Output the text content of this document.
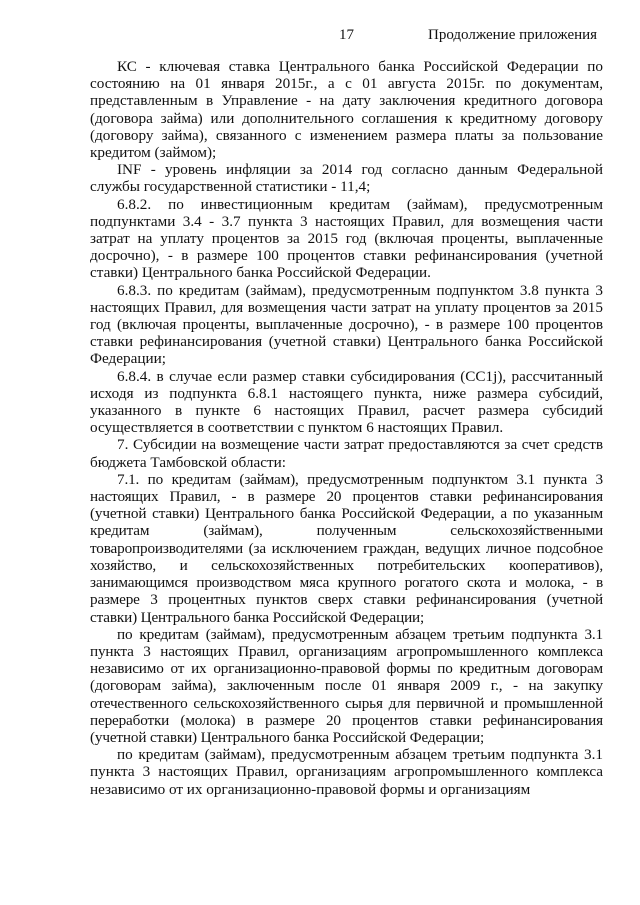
17	Продолжение приложения

КС - ключевая ставка Центрального банка Российской Федерации по состоянию на 01 января 2015г., а с 01 августа 2015г. по документам, представленным в Управление - на дату заключения кредитного договора (договора займа) или дополнительного соглашения к кредитному договору (договору займа), связанного с изменением размера платы за пользование кредитом (займом);

INF - уровень инфляции за 2014 год согласно данным Федеральной службы государственной статистики - 11,4;

6.8.2. по инвестиционным кредитам (займам), предусмотренным подпунктами 3.4 - 3.7 пункта 3 настоящих Правил, для возмещения части затрат на уплату процентов за 2015 год (включая проценты, выплаченные досрочно), - в размере 100 процентов ставки рефинансирования (учетной ставки) Центрального банка Российской Федерации.

6.8.3. по кредитам (займам), предусмотренным подпунктом 3.8 пункта 3 настоящих Правил, для возмещения части затрат на уплату процентов за 2015 год (включая проценты, выплаченные досрочно), - в размере 100 процентов ставки рефинансирования (учетной ставки) Центрального банка Российской Федерации;

6.8.4. в случае если размер ставки субсидирования (СС1j), рассчитанный исходя из подпункта 6.8.1 настоящего пункта, ниже размера субсидий, указанного в пункте 6 настоящих Правил, расчет размера субсидий осуществляется в соответствии с пунктом 6 настоящих Правил.

7. Субсидии на возмещение части затрат предоставляются за счет средств бюджета Тамбовской области:

7.1. по кредитам (займам), предусмотренным подпунктом 3.1 пункта 3 настоящих Правил, - в размере 20 процентов ставки рефинансирования (учетной ставки) Центрального банка Российской Федерации, а по указанным кредитам (займам), полученным сельскохозяйственными товаропроизводителями (за исключением граждан, ведущих личное подсобное хозяйство, и сельскохозяйственных потребительских кооперативов), занимающимся производством мяса крупного рогатого скота и молока, - в размере 3 процентных пунктов сверх ставки рефинансирования (учетной ставки) Центрального банка Российской Федерации;

по кредитам (займам), предусмотренным абзацем третьим подпункта 3.1 пункта 3 настоящих Правил, организациям агропромышленного комплекса независимо от их организационно-правовой формы по кредитным договорам (договорам займа), заключенным после 01 января 2009 г., - на закупку отечественного сельскохозяйственного сырья для первичной и промышленной переработки (молока) в размере 20 процентов ставки рефинансирования (учетной ставки) Центрального банка Российской Федерации;

по кредитам (займам), предусмотренным абзацем третьим подпункта 3.1 пункта 3 настоящих Правил, организациям агропромышленного комплекса независимо от их организационно-правовой формы и организациям
